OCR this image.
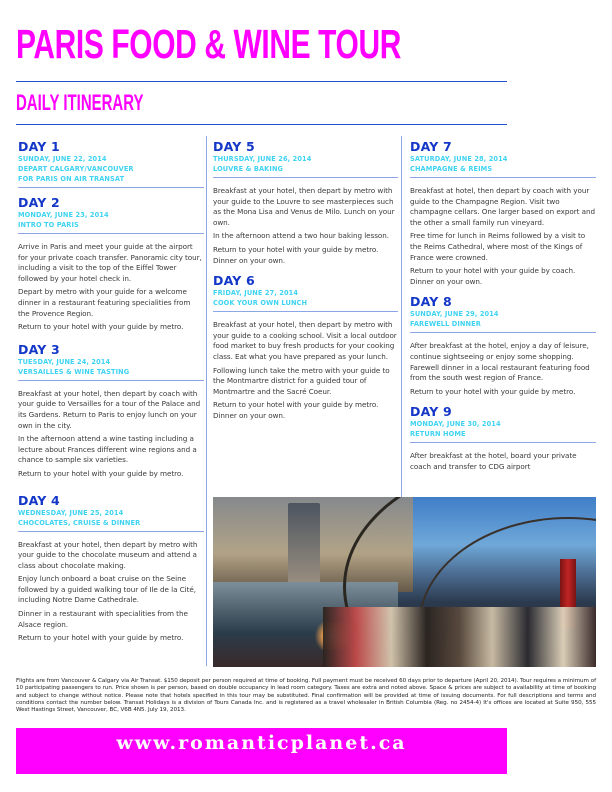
PARIS FOOD & WINE TOUR
DAILY ITINERARY
DAY 1
SUNDAY, JUNE 22, 2014
DEPART CALGARY/VANCOUVER
FOR PARIS ON AIR TRANSAT
DAY 2
MONDAY, JUNE 23, 2014
INTRO TO PARIS
Arrive in Paris and meet your guide at the airport for your private coach transfer. Panoramic city tour, including a visit to the top of the Eiffel Tower followed by your hotel check in.
Depart by metro with your guide for a welcome dinner in a restaurant featuring specialities from the Provence Region.
Return to your hotel with your guide by metro.
DAY 3
TUESDAY, JUNE 24, 2014
VERSAILLES & WINE TASTING
Breakfast at your hotel, then depart by coach with your guide to Versailles for a tour of the Palace and its Gardens. Return to Paris to enjoy lunch on your own in the city.
In the afternoon attend a wine tasting including a lecture about Frances different wine regions and a chance to sample six varieties.
Return to your hotel with your guide by metro.
DAY 4
WEDNESDAY, JUNE 25, 2014
CHOCOLATES, CRUISE & DINNER
Breakfast at your hotel, then depart by metro with your guide to the chocolate museum and attend a class about chocolate making.
Enjoy lunch onboard a boat cruise on the Seine followed by a guided walking tour of Ile de la Cité, including Notre Dame Cathedrale.
Dinner in a restaurant with specialities from the Alsace region.
Return to your hotel with your guide by metro.
DAY 5
THURSDAY, JUNE 26, 2014
LOUVRE & BAKING
Breakfast at your hotel, then depart by metro with your guide to the Louvre to see masterpieces such as the Mona Lisa and Venus de Milo. Lunch on your own.
In the afternoon attend a two hour baking lesson.
Return to your hotel with your guide by metro. Dinner on your own.
DAY 6
FRIDAY, JUNE 27, 2014
COOK YOUR OWN LUNCH
Breakfast at your hotel, then depart by metro with your guide to a cooking school. Visit a local outdoor food market to buy fresh products for your cooking class. Eat what you have prepared as your lunch.
Following lunch take the metro with your guide to the Montmartre district for a guided tour of Montmartre and the Sacré Coeur.
Return to your hotel with your guide by metro. Dinner on your own.
DAY 7
SATURDAY, JUNE 28, 2014
CHAMPAGNE & REIMS
Breakfast at hotel, then depart by coach with your guide to the Champagne Region. Visit two champagne cellars. One larger based on export and the other a small family run vineyard.
Free time for lunch in Reims followed by a visit to the Reims Cathedral, where most of the Kings of France were crowned.
Return to your hotel with your guide by coach. Dinner on your own.
DAY 8
SUNDAY, JUNE 29, 2014
FAREWELL DINNER
After breakfast at the hotel, enjoy a day of leisure, continue sightseeing or enjoy some shopping. Farewell dinner in a local restaurant featuring food from the south west region of France.
Return to your hotel with your guide by metro.
DAY 9
MONDAY, JUNE 30, 2014
RETURN HOME
After breakfast at the hotel, board your private coach and transfer to CDG airport
Flights are from Vancouver & Calgary via Air Transat. $150 deposit per person required at time of booking. Full payment must be received 60 days prior to departure (April 20, 2014). Tour requires a minimum of 10 participating passengers to run. Price shown is per person, based on double occupancy in lead room category. Taxes are extra and noted above. Space & prices are subject to availability at time of booking and subject to change without notice. Please note that hotels specified in this tour may be substituted. Final confirmation will be provided at time of issuing documents. For full descriptions and terms and conditions contact the number below. Transat Holidays is a division of Tours Canada Inc. and is registered as a travel wholesaler in British Columbia (Reg. no 2454-4) It's offices are located at Suite 950, 555 West Hastings Street, Vancouver, BC, V6B 4N5. July 19, 2013.
www.romanticplanet.ca
